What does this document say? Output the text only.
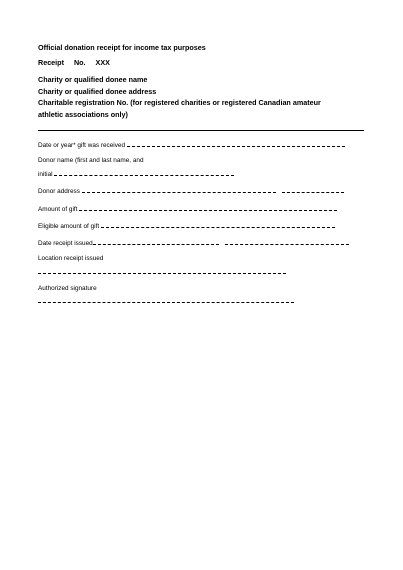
Official donation receipt for income tax purposes
Receipt No. XXX
Charity or qualified donee name
Charity or qualified donee address
Charitable registration No. (for registered charities or registered Canadian amateur athletic associations only)
Date or year* gift was received
Donor name (first and last name, and
initial
Donor address
Amount of gift
Eligible amount of gift
Date receipt issued
Location receipt issued
Authorized signature
